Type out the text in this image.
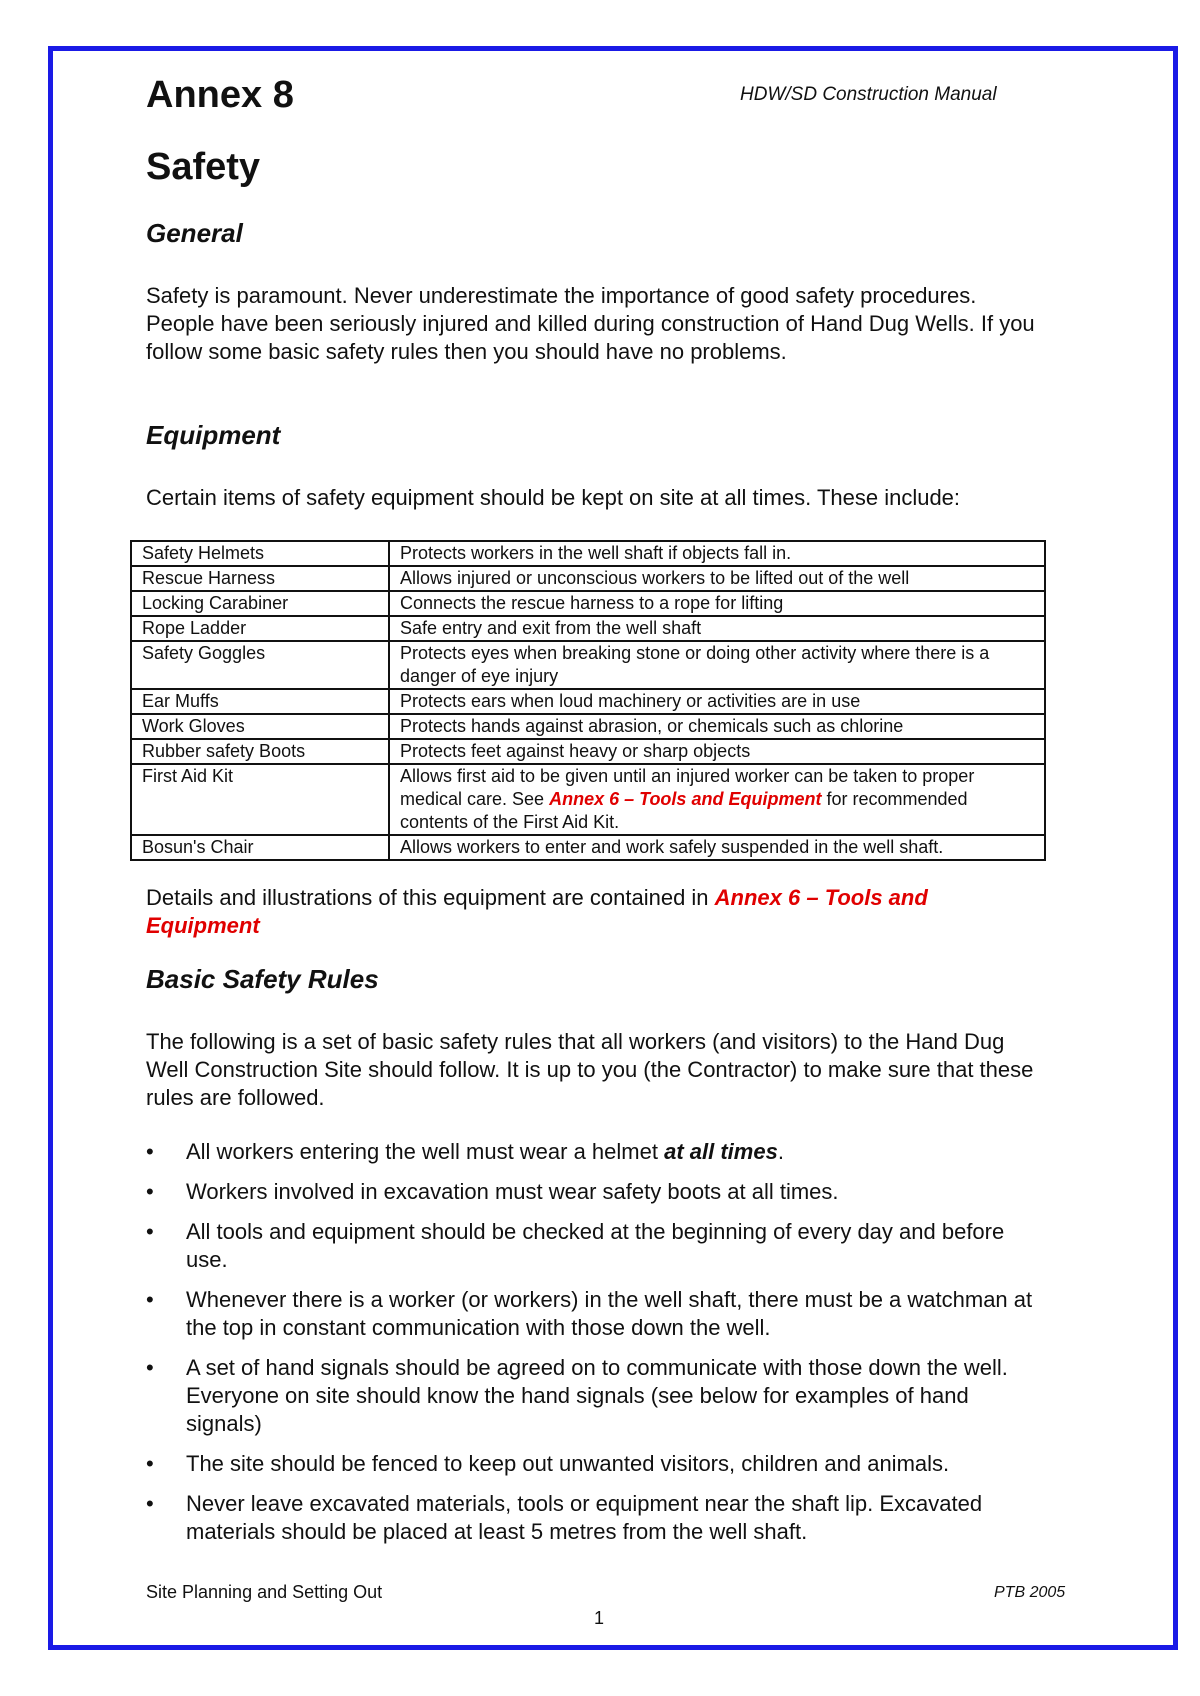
Annex 8	HDW/SD Construction Manual
Safety
General
Safety is paramount. Never underestimate the importance of good safety procedures. People have been seriously injured and killed during construction of Hand Dug Wells. If you follow some basic safety rules then you should have no problems.
Equipment
Certain items of safety equipment should be kept on site at all times. These include:
Safety Helmets	Protects workers in the well shaft if objects fall in.
Rescue Harness	Allows injured or unconscious workers to be lifted out of the well
Locking Carabiner	Connects the rescue harness to a rope for lifting
Rope Ladder	Safe entry and exit from the well shaft
Safety Goggles	Protects eyes when breaking stone or doing other activity where there is a danger of eye injury
Ear Muffs	Protects ears when loud machinery or activities are in use
Work Gloves	Protects hands against abrasion, or chemicals such as chlorine
Rubber safety Boots	Protects feet against heavy or sharp objects
First Aid Kit	Allows first aid to be given until an injured worker can be taken to proper medical care. See Annex 6 – Tools and Equipment for recommended contents of the First Aid Kit.
Bosun's Chair	Allows workers to enter and work safely suspended in the well shaft.
Details and illustrations of this equipment are contained in Annex 6 – Tools and Equipment
Basic Safety Rules
The following is a set of basic safety rules that all workers (and visitors) to the Hand Dug Well Construction Site should follow. It is up to you (the Contractor) to make sure that these rules are followed.
• All workers entering the well must wear a helmet at all times.
• Workers involved in excavation must wear safety boots at all times.
• All tools and equipment should be checked at the beginning of every day and before use.
• Whenever there is a worker (or workers) in the well shaft, there must be a watchman at the top in constant communication with those down the well.
• A set of hand signals should be agreed on to communicate with those down the well. Everyone on site should know the hand signals (see below for examples of hand signals)
• The site should be fenced to keep out unwanted visitors, children and animals.
• Never leave excavated materials, tools or equipment near the shaft lip. Excavated materials should be placed at least 5 metres from the well shaft.
Site Planning and Setting Out	PTB 2005
1
